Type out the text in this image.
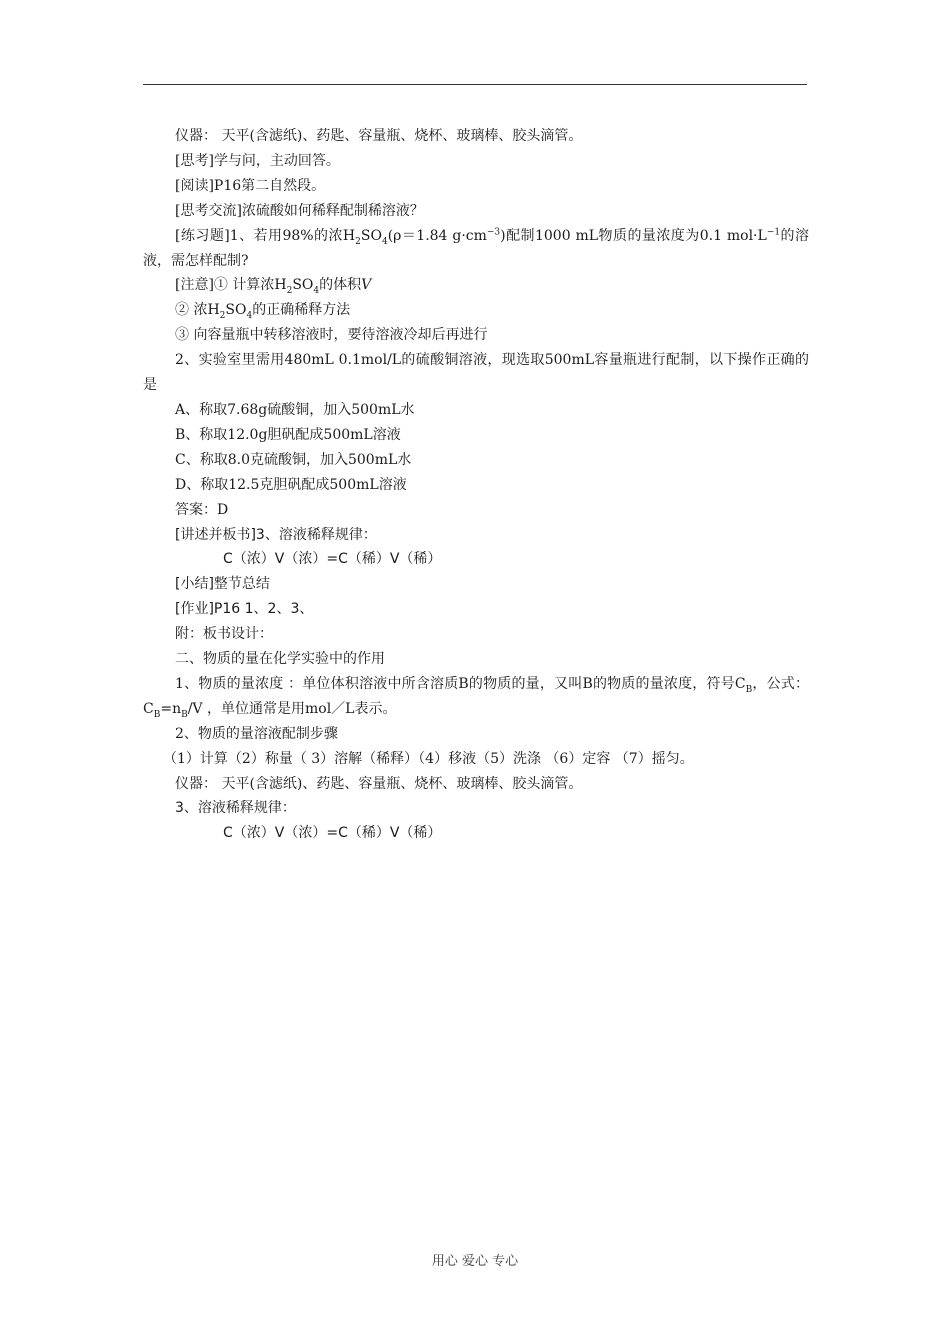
仪器： 天平(含滤纸)、药匙、容量瓶、烧杯、玻璃棒、胶头滴管。

[思考]学与问，主动回答。

[阅读]P16第二自然段。

[思考交流]浓硫酸如何稀释配制稀溶液？

[练习题]1、若用98%的浓$H_2SO_4(\rho=1.84$ $g\cdot cm^{-3}$)配制1000 mL物质的量浓度为0.1 $mol\cdot L^{-1}$的溶液，需怎样配制?

[注意]① 计算浓$H_2SO_4$的体积V

② 浓$H_2SO_4$的正确稀释方法

③ 向容量瓶中转移溶液时，要待溶液冷却后再进行

2、实验室里需用480mL 0.1mol/L的硫酸铜溶液，现选取500mL容量瓶进行配制，以下操作正确的是

A、称取7.68g硫酸铜，加入500mL水

B、称取12.0g胆矾配成500mL溶液

C、称取8.0克硫酸铜，加入500mL水

D、称取12.5克胆矾配成500mL溶液

答案：D

[讲述并板书]3、溶液稀释规律：

C（浓）V（浓）=C（稀）V（稀）

[小结]整节总结

[作业]P16 1、2、3、

附：板书设计：

二、物质的量在化学实验中的作用

1、物质的量浓度 ：单位体积溶液中所含溶质B的物质的量，又叫B的物质的量浓度，符号$C_B$，公式：$C_B=n_B/V$ ，单位通常是用mol／L表示。

2、物质的量溶液配制步骤

（1）计算（2）称量（ 3）溶解（稀释）（4）移液（5）洗涤 （6）定容 （7）摇匀。

仪器： 天平(含滤纸)、药匙、容量瓶、烧杯、玻璃棒、胶头滴管。

3、溶液稀释规律：

C（浓）V（浓）=C（稀）V（稀）

用心 爱心 专心
